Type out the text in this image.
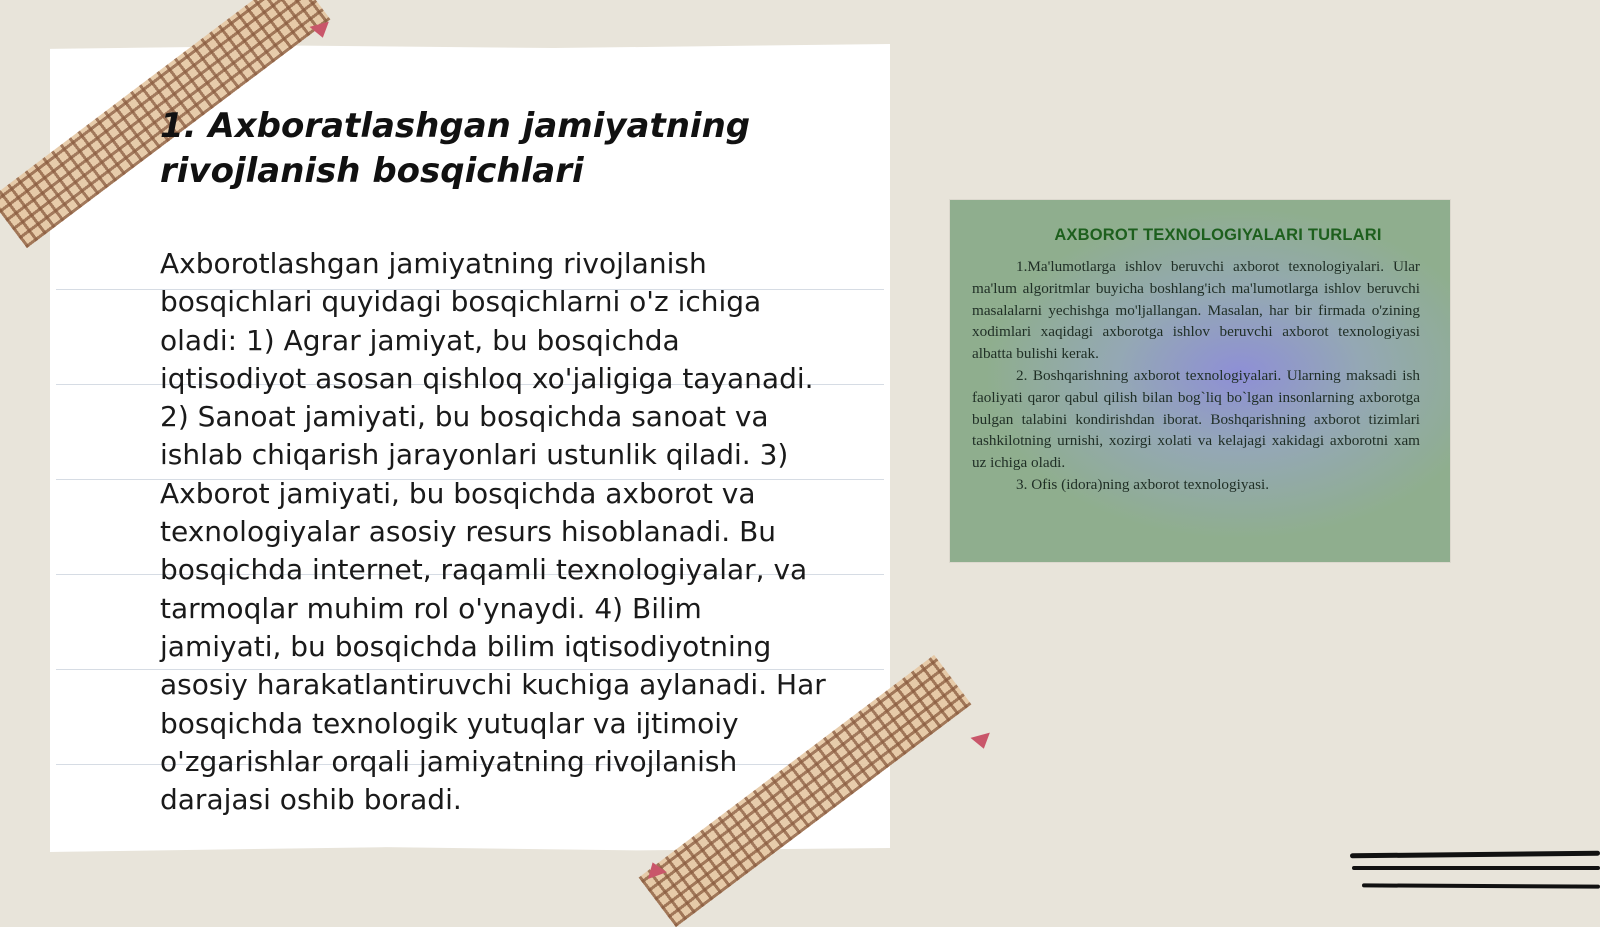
1. Axboratlashgan jamiyatning rivojlanish bosqichlari

Axborotlashgan jamiyatning rivojlanish bosqichlari quyidagi bosqichlarni o'z ichiga oladi: 1) Agrar jamiyat, bu bosqichda iqtisodiyot asosan qishloq xo'jaligiga tayanadi. 2) Sanoat jamiyati, bu bosqichda sanoat va ishlab chiqarish jarayonlari ustunlik qiladi. 3) Axborot jamiyati, bu bosqichda axborot va texnologiyalar asosiy resurs hisoblanadi. Bu bosqichda internet, raqamli texnologiyalar, va tarmoqlar muhim rol o'ynaydi. 4) Bilim jamiyati, bu bosqichda bilim iqtisodiyotning asosiy harakatlantiruvchi kuchiga aylanadi. Har bosqichda texnologik yutuqlar va ijtimoiy o'zgarishlar orqali jamiyatning rivojlanish darajasi oshib boradi.

AXBOROT TEXNOLOGIYALARI TURLARI

1.Ma'lumotlarga ishlov beruvchi axborot texnologiyalari. Ular ma'lum algoritmlar buyicha boshlang'ich ma'lumotlarga ishlov beruvchi masalalarni yechishga mo'ljallangan. Masalan, har bir firmada o'zining xodimlari xaqidagi axborotga ishlov beruvchi axborot texnologiyasi albatta bulishi kerak.

2. Boshqarishning axborot texnologiyalari. Ularning maksadi ish faoliyati qaror qabul qilish bilan bog`liq bo`lgan insonlarning axborotga bulgan talabini kondirishdan iborat. Boshqarishning axborot tizimlari tashkilotning urnishi, xozirgi xolati va kelajagi xakidagi axborotni xam uz ichiga oladi.

3. Ofis (idora)ning axborot texnologiyasi.
